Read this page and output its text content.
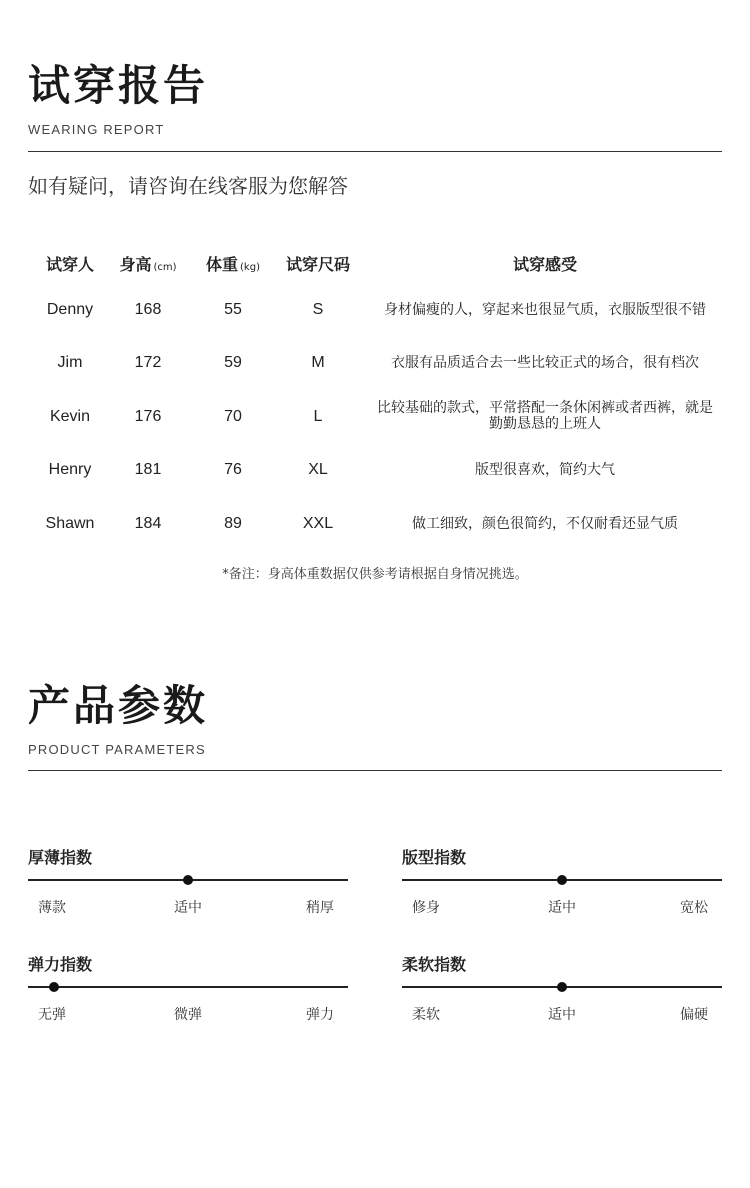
试穿报告
WEARING REPORT
如有疑问，请咨询在线客服为您解答
试穿人	身高 (cm)	体重 (kg)	试穿尺码	试穿感受
Denny	168	55	S	身材偏瘦的人，穿起来也很显气质，衣服版型很不错
Jim	172	59	M	衣服有品质适合去一些比较正式的场合，很有档次
Kevin	176	70	L	比较基础的款式，平常搭配一条休闲裤或者西裤，就是勤勤恳恳的上班人
Henry	181	76	XL	版型很喜欢，简约大气
Shawn	184	89	XXL	做工细致，颜色很简约，不仅耐看还显气质
*备注：身高体重数据仅供参考请根据自身情况挑选。
产品参数
PRODUCT PARAMETERS
厚薄指数
薄款	适中	稍厚
版型指数
修身	适中	宽松
弹力指数
无弹	微弹	弹力
柔软指数
柔软	适中	偏硬
